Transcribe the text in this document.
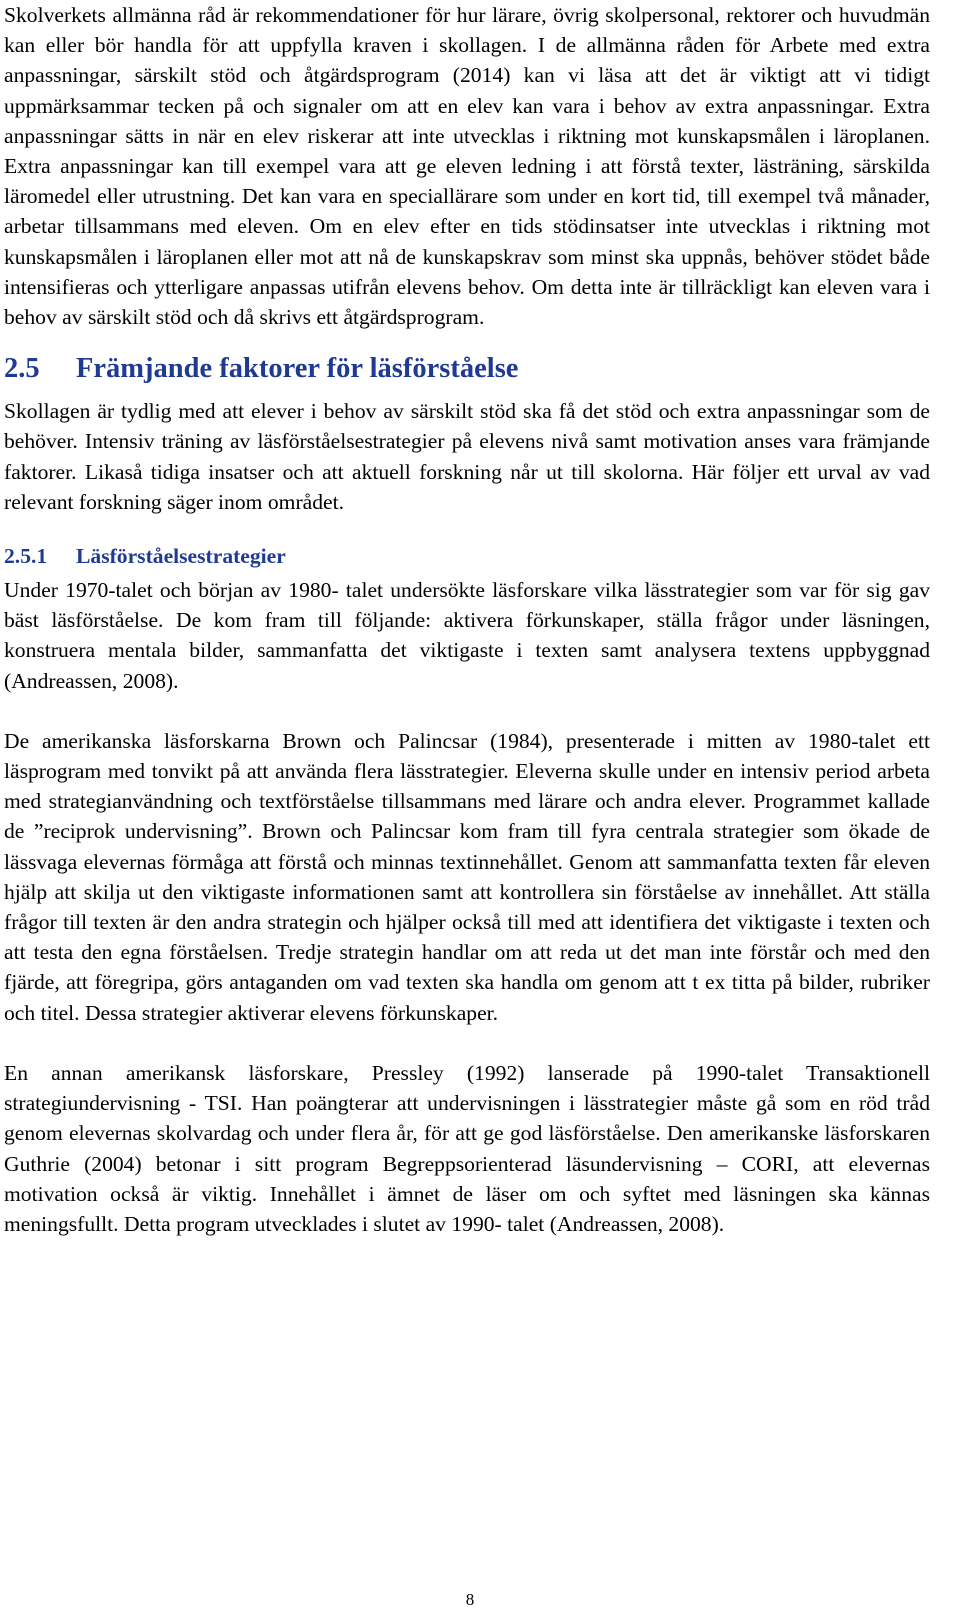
Skolverkets allmänna råd är rekommendationer för hur lärare, övrig skolpersonal, rektorer och huvudmän kan eller bör handla för att uppfylla kraven i skollagen. I de allmänna råden för Arbete med extra anpassningar, särskilt stöd och åtgärdsprogram (2014) kan vi läsa att det är viktigt att vi tidigt uppmärksammar tecken på och signaler om att en elev kan vara i behov av extra anpassningar. Extra anpassningar sätts in när en elev riskerar att inte utvecklas i riktning mot kunskapsmålen i läroplanen. Extra anpassningar kan till exempel vara att ge eleven ledning i att förstå texter, lästräning, särskilda läromedel eller utrustning. Det kan vara en speciallärare som under en kort tid, till exempel två månader, arbetar tillsammans med eleven. Om en elev efter en tids stödinsatser inte utvecklas i riktning mot kunskapsmålen i läroplanen eller mot att nå de kunskapskrav som minst ska uppnås, behöver stödet både intensifieras och ytterligare anpassas utifrån elevens behov. Om detta inte är tillräckligt kan eleven vara i behov av särskilt stöd och då skrivs ett åtgärdsprogram.

2.5 Främjande faktorer för läsförståelse

Skollagen är tydlig med att elever i behov av särskilt stöd ska få det stöd och extra anpassningar som de behöver. Intensiv träning av läsförståelsestrategier på elevens nivå samt motivation anses vara främjande faktorer. Likaså tidiga insatser och att aktuell forskning når ut till skolorna. Här följer ett urval av vad relevant forskning säger inom området.

2.5.1 Läsförståelsestrategier

Under 1970-talet och början av 1980- talet undersökte läsforskare vilka lässtrategier som var för sig gav bäst läsförståelse. De kom fram till följande: aktivera förkunskaper, ställa frågor under läsningen, konstruera mentala bilder, sammanfatta det viktigaste i texten samt analysera textens uppbyggnad (Andreassen, 2008).

De amerikanska läsforskarna Brown och Palincsar (1984), presenterade i mitten av 1980-talet ett läsprogram med tonvikt på att använda flera lässtrategier. Eleverna skulle under en intensiv period arbeta med strategianvändning och textförståelse tillsammans med lärare och andra elever. Programmet kallade de ”reciprok undervisning”. Brown och Palincsar kom fram till fyra centrala strategier som ökade de lässvaga elevernas förmåga att förstå och minnas textinnehållet. Genom att sammanfatta texten får eleven hjälp att skilja ut den viktigaste informationen samt att kontrollera sin förståelse av innehållet. Att ställa frågor till texten är den andra strategin och hjälper också till med att identifiera det viktigaste i texten och att testa den egna förståelsen. Tredje strategin handlar om att reda ut det man inte förstår och med den fjärde, att föregripa, görs antaganden om vad texten ska handla om genom att t ex titta på bilder, rubriker och titel. Dessa strategier aktiverar elevens förkunskaper.

En annan amerikansk läsforskare, Pressley (1992) lanserade på 1990-talet Transaktionell strategiundervisning - TSI. Han poängterar att undervisningen i lässtrategier måste gå som en röd tråd genom elevernas skolvardag och under flera år, för att ge god läsförståelse. Den amerikanske läsforskaren Guthrie (2004) betonar i sitt program Begreppsorienterad läsundervisning – CORI, att elevernas motivation också är viktig. Innehållet i ämnet de läser om och syftet med läsningen ska kännas meningsfullt. Detta program utvecklades i slutet av 1990- talet (Andreassen, 2008).

8
